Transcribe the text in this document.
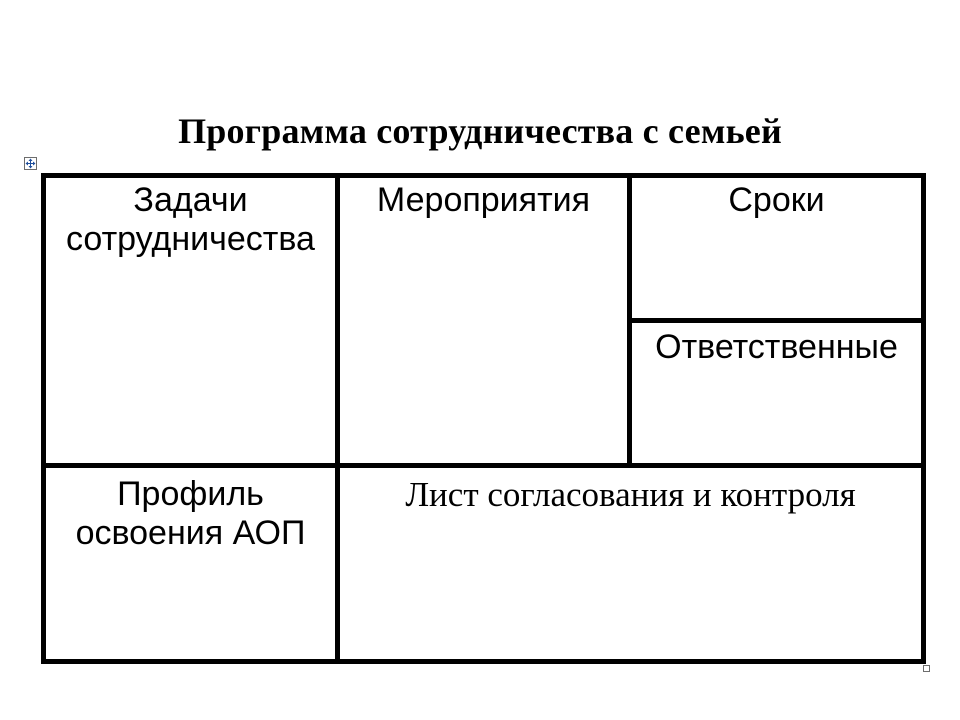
Программа сотрудничества с семьей
Задачи
сотрудничества
Мероприятия	Сроки
Ответственные
Профиль
освоения АОП
Лист согласования и контроля
